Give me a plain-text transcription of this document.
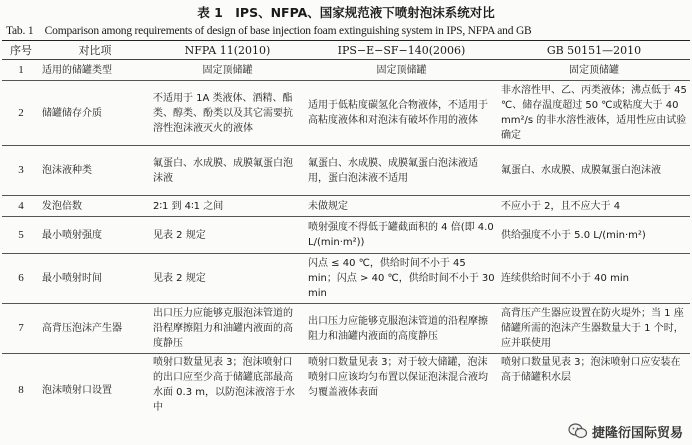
表 1　IPS、NFPA、国家规范液下喷射泡沫系统对比
Tab. 1　Comparison among requirements of design of base injection foam extinguishing system in IPS, NFPA and GB
序号	对比项	NFPA 11(2010)	IPS−E−SF−140(2006)	GB 50151—2010
1	适用的储罐类型	固定顶储罐	固定顶储罐	固定顶储罐
2	储罐储存介质	不适用于 1A 类液体、酒精、酯类、醇类、酚类以及其它需要抗溶性泡沫液灭火的液体	适用于低粘度碳氢化合物液体，不适用于高粘度液体和对泡沫有破坏作用的液体	非水溶性甲、乙、丙类液体；沸点低于 45 ℃、储存温度超过 50 ℃或粘度大于 40 mm²/s 的非水溶性液体，适用性应由试验确定
3	泡沫液种类	氟蛋白、水成膜、成膜氟蛋白泡沫液	氟蛋白、水成膜、成膜氟蛋白泡沫液适用，蛋白泡沫液不适用	氟蛋白、水成膜、成膜氟蛋白泡沫液
4	发泡倍数	2∶1 到 4∶1 之间	未做规定	不应小于 2，且不应大于 4
5	最小喷射强度	见表 2 规定	喷射强度不得低于罐截面积的 4 倍(即 4.0 L/(min·m²))	供给强度不小于 5.0 L/(min·m²)
6	最小喷射时间	见表 2 规定	闪点 ≤ 40 ℃，供给时间不小于 45 min；闪点 > 40 ℃，供给时间不小于 30 min	连续供给时间不小于 40 min
7	高背压泡沫产生器	出口压力应能够克服泡沫管道的沿程摩擦阻力和油罐内液面的高度静压	出口压力应能够克服泡沫管道的沿程摩擦阻力和油罐内液面的高度静压	高背压产生器应设置在防火堤外；当 1 座储罐所需的泡沫产生器数量大于 1 个时，应并联使用
8	泡沫喷射口设置	喷射口数量见表 3；泡沫喷射口的出口应至少高于储罐底部最高水面 0.3 m，以防泡沫液溶于水中	喷射口数量见表 3；对于较大储罐，泡沫喷射口应该均匀布置以保证泡沫混合液均匀覆盖液体表面	喷射口数量见表 3；泡沫喷射口应安装在高于储罐积水层
捷隆衍国际贸易
